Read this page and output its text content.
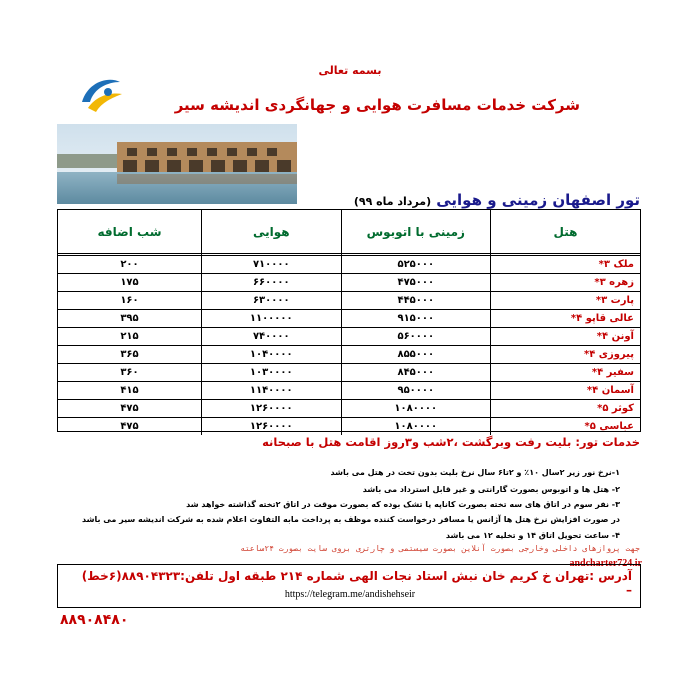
بسمه تعالی
شرکت خدمات مسافرت هوایی و جهانگردی اندیشه سیر
تور اصفهان زمینی و هوایی (مرداد ماه ۹۹)
هتل	زمینی با اتوبوس	هوایی	شب اضافه

ملک ۳*	۵۲۵۰۰۰	۷۱۰۰۰۰	۲۰۰
زهره ۳*	۴۷۵۰۰۰	۶۶۰۰۰۰	۱۷۵
پارت ۳*	۴۴۵۰۰۰	۶۳۰۰۰۰	۱۶۰
عالی قاپو ۴*	۹۱۵۰۰۰	۱۱۰۰۰۰۰	۳۹۵
آونن ۴*	۵۶۰۰۰۰	۷۴۰۰۰۰	۲۱۵
پیروزی ۴*	۸۵۵۰۰۰	۱۰۴۰۰۰۰	۳۶۵
سفیر ۴*	۸۴۵۰۰۰	۱۰۳۰۰۰۰	۳۶۰
آسمان ۴*	۹۵۰۰۰۰	۱۱۴۰۰۰۰	۴۱۵
کوثر ۵*	۱۰۸۰۰۰۰	۱۲۶۰۰۰۰	۴۷۵
عباسی ۵*	۱۰۸۰۰۰۰	۱۲۶۰۰۰۰	۴۷۵
خدمات تور: بلیت رفت وبرگشت ،۲شب و۳روز اقامت هتل با صبحانه
۱-نرخ نور زیر ۲سال ۱۰٪ و ۲تا۶ سال نرخ بلیت بدون تخت در هتل می باشد
۲- هتل ها و اتوبوس بصورت گارانتی و غیر قابل استرداد می باشد
۳- نفر سوم در اتاق های سه تخته بصورت کاناپه یا تشک بوده که بصورت موقت در اتاق ۲تخته گذاشته خواهد شد
در صورت افزایش نرخ هتل ها آژانس یا مسافر درخواست کننده موظف به پرداخت مابه التفاوت اعلام شده به شرکت اندیشه سیر می باشد
۴- ساعت تحویل اتاق ۱۴ و تخلیه ۱۲ می باشد
جهت پروازهای داخلی وخارجی بصورت آنلاین بصورت سیستمی و چارتری بروی سایت بصورت ۲۴ساعته
andcharter724.ir
آدرس :تهران خ کریم خان نبش استاد نجات الهی شماره ۲۱۴ طبقه اول تلفن:۸۸۹۰۴۳۲۳(۶خط) –
https://telegram.me/andishehseir
۸۸۹۰۸۴۸۰
